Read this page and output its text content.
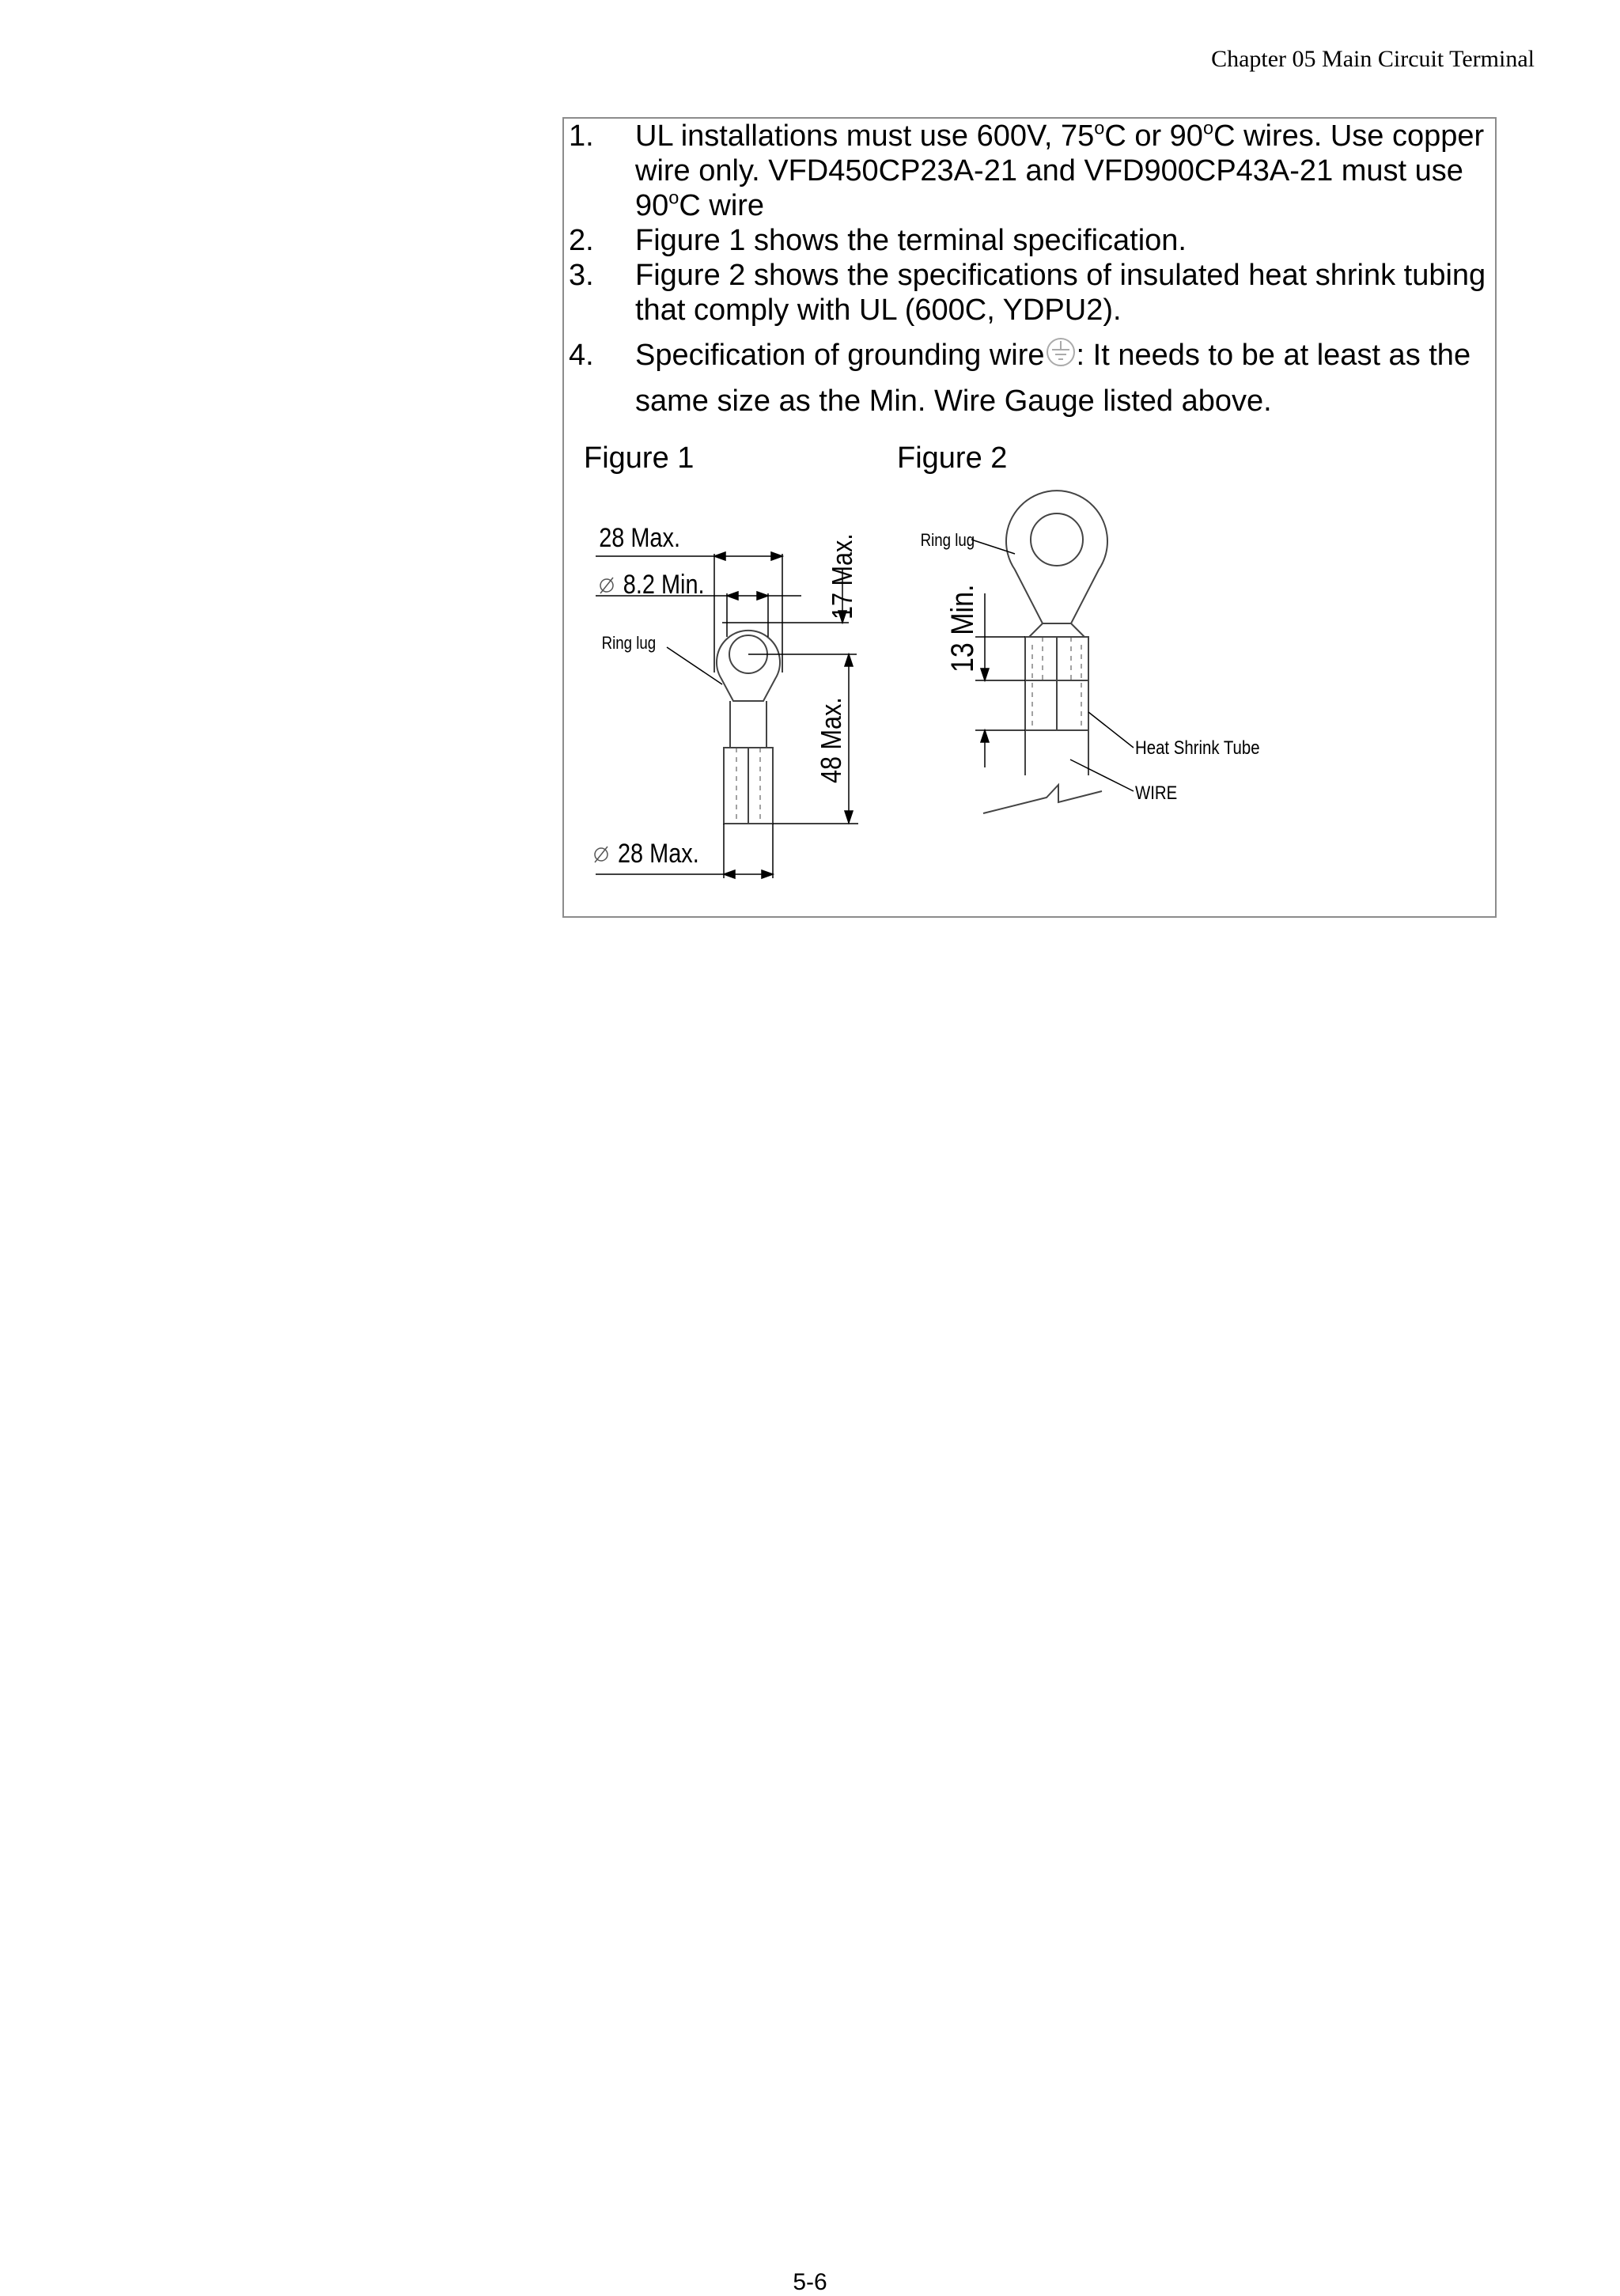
Chapter 05 Main Circuit Terminal
1. UL installations must use 600V, 75$^o$C or 90$^o$C wires. Use copper wire only. VFD450CP23A-21 and VFD900CP43A-21 must use 90$^o$C wire
2. Figure 1 shows the terminal specification.
3. Figure 2 shows the specifications of insulated heat shrink tubing that comply with UL (600C, YDPU2).
4. Specification of grounding wire : It needs to be at least as the same size as the Min. Wire Gauge listed above.
Figure 1	Figure 2
28 Max.
8.2 Min.
Ring lug
17 Max.
48 Max.
28 Max.
Ring lug
13 Min.
Heat Shrink Tube
WIRE
5-6
